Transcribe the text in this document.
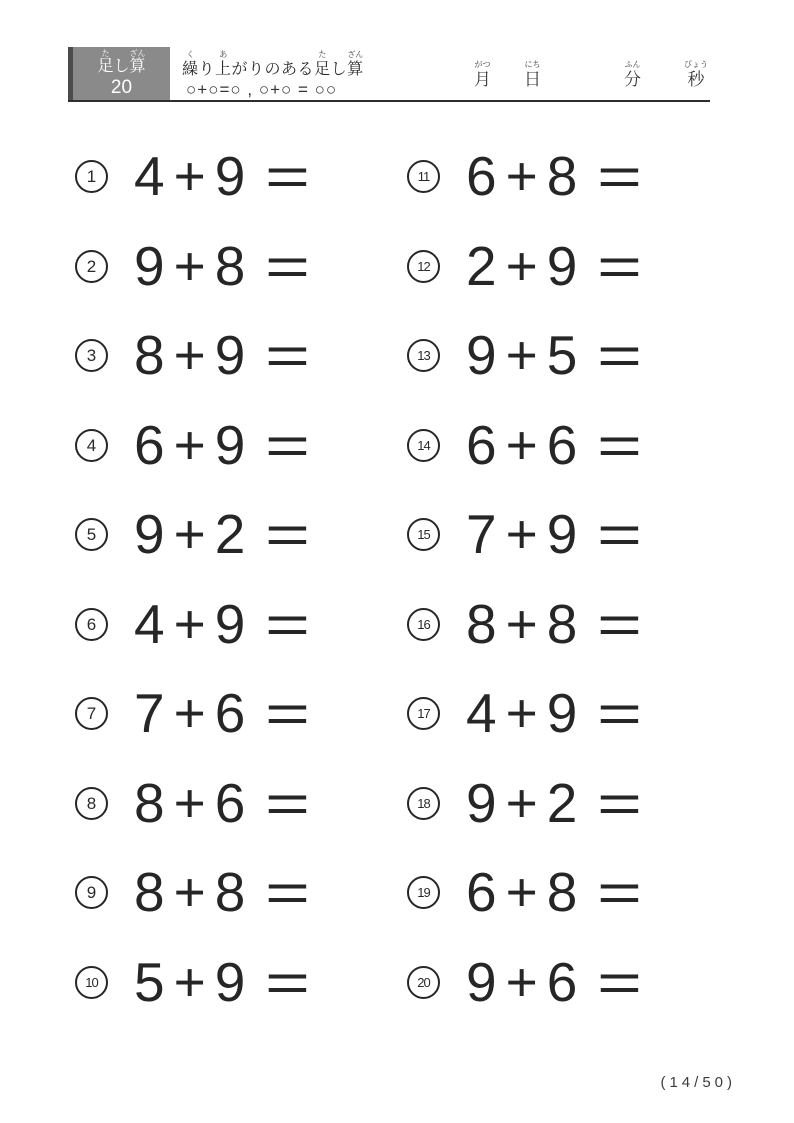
た
足
し
ざん
算
20
く
繰
り
あ
上
がりのある
た
足
し
ざん
算
○+○=○ , ○+○ = ○○
がつ
月
にち
日
ふん
分
びょう
秒
1 4 + 9 =
2 9 + 8 =
3 8 + 9 =
4 6 + 9 =
5 9 + 2 =
6 4 + 9 =
7 7 + 6 =
8 8 + 6 =
9 8 + 8 =
10 5 + 9 =
11 6 + 8 =
12 2 + 9 =
13 9 + 5 =
14 6 + 6 =
15 7 + 9 =
16 8 + 8 =
17 4 + 9 =
18 9 + 2 =
19 6 + 8 =
20 9 + 6 =
(14/50)
